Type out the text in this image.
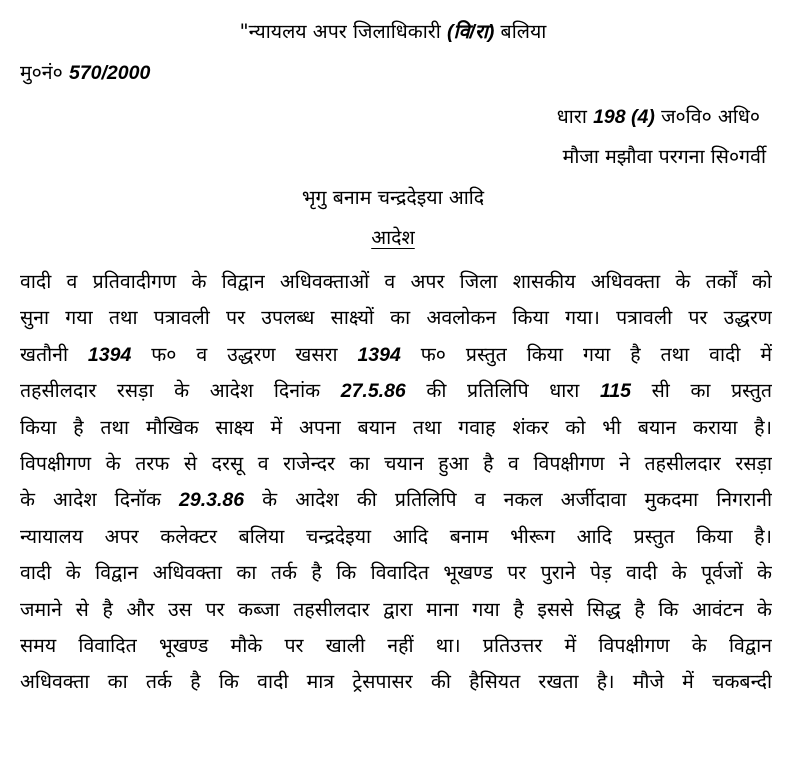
"न्यायलय अपर जिलाधिकारी (वि/रा) बलिया
मु०नं० 570/2000
धारा 198 (4) ज०वि० अधि०
मौजा मझौवा परगना सि०गर्वी
भृगु बनाम चन्द्रदेइया आदि
आदेश
वादी व प्रतिवादीगण के विद्वान अधिवक्ताओं व अपर जिला शासकीय अधिवक्ता के तर्कों को
सुना गया तथा पत्रावली पर उपलब्ध साक्ष्यों का अवलोकन किया गया। पत्रावली पर उद्धरण
खतौनी 1394 फ० व उद्धरण खसरा 1394 फ० प्रस्तुत किया गया है तथा वादी में
तहसीलदार रसड़ा के आदेश दिनांक 27.5.86 की प्रतिलिपि धारा 115 सी का प्रस्तुत
किया है तथा मौखिक साक्ष्य में अपना बयान तथा गवाह शंकर को भी बयान कराया है।
विपक्षीगण के तरफ से दरसू व राजेन्दर का चयान हुआ है व विपक्षीगण ने तहसीलदार रसड़ा
के आदेश दिनॉक 29.3.86 के आदेश की प्रतिलिपि व नकल अर्जीदावा मुकदमा निगरानी
न्यायालय अपर कलेक्टर बलिया चन्द्रदेइया आदि बनाम भीरूग आदि प्रस्तुत किया है।
वादी के विद्वान अधिवक्ता का तर्क है कि विवादित भूखण्ड पर पुराने पेड़ वादी के पूर्वजों के
जमाने से है और उस पर कब्जा तहसीलदार द्वारा माना गया है इससे सिद्ध है कि आवंटन के
समय विवादित भूखण्ड मौके पर खाली नहीं था। प्रतिउत्तर में विपक्षीगण के विद्वान
अधिवक्ता का तर्क है कि वादी मात्र ट्रेसपासर की हैसियत रखता है। मौजे में चकबन्दी
